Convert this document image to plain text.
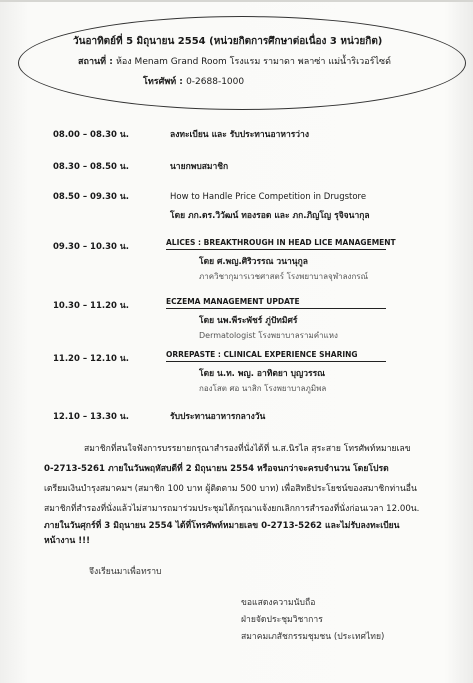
วันอาทิตย์ที่ 5 มิถุนายน 2554 (หน่วยกิตการศึกษาต่อเนื่อง 3 หน่วยกิต)
สถานที่ : ห้อง Menam Grand Room โรงแรม รามาดา พลาซ่า แม่น้ำริเวอร์ไซด์
โทรศัพท์ : 0-2688-1000
08.00 – 08.30 น.	ลงทะเบียน และ รับประทานอาหารว่าง
08.30 – 08.50 น.	นายกพบสมาชิก
08.50 – 09.30 น.	How to Handle Price Competition in Drugstore
โดย ภก.ดร.วิวัฒน์ ทองรอด และ ภก.ภิญโญ รุจิจนากุล
09.30 – 10.30 น.	ALICES : BREAKTHROUGH IN HEAD LICE MANAGEMENT
โดย ศ.พญ.ศิริวรรณ วนานุกูล
ภาควิชากุมารเวชศาสตร์ โรงพยาบาลจุฬาลงกรณ์
10.30 – 11.20 น.	ECZEMA MANAGEMENT UPDATE
โดย นพ.พีระพัชร์ ภู่ปัทมิศร์
Dermatologist โรงพยาบาลรามคำแหง
11.20 – 12.10 น.	ORREPASTE : CLINICAL EXPERIENCE SHARING
โดย น.ท. พญ. อาทิตยา บุญวรรณ
กองโสต ศอ นาสิก โรงพยาบาลภูมิพล
12.10 – 13.30 น.	รับประทานอาหารกลางวัน
สมาชิกที่สนใจฟังการบรรยายกรุณาสำรองที่นั่งได้ที่ น.ส.นิรไล สุระสาย โทรศัพท์หมายเลข
0-2713-5261 ภายในวันพฤหัสบดีที่ 2 มิถุนายน 2554 หรือจนกว่าจะครบจำนวน โดยโปรด
เตรียมเงินบำรุงสมาคมฯ (สมาชิก 100 บาท ผู้ติดตาม 500 บาท) เพื่อสิทธิประโยชน์ของสมาชิกท่านอื่น
สมาชิกที่สำรองที่นั่งแล้วไม่สามารถมาร่วมประชุมได้กรุณาแจ้งยกเลิกการสำรองที่นั่งก่อนเวลา 12.00น.
ภายในวันศุกร์ที่ 3 มิถุนายน 2554 ได้ที่โทรศัพท์หมายเลข 0-2713-5262 และไม่รับลงทะเบียน
หน้างาน !!!
จึงเรียนมาเพื่อทราบ
ขอแสดงความนับถือ
ฝ่ายจัดประชุมวิชาการ
สมาคมเภสัชกรรมชุมชน (ประเทศไทย)
